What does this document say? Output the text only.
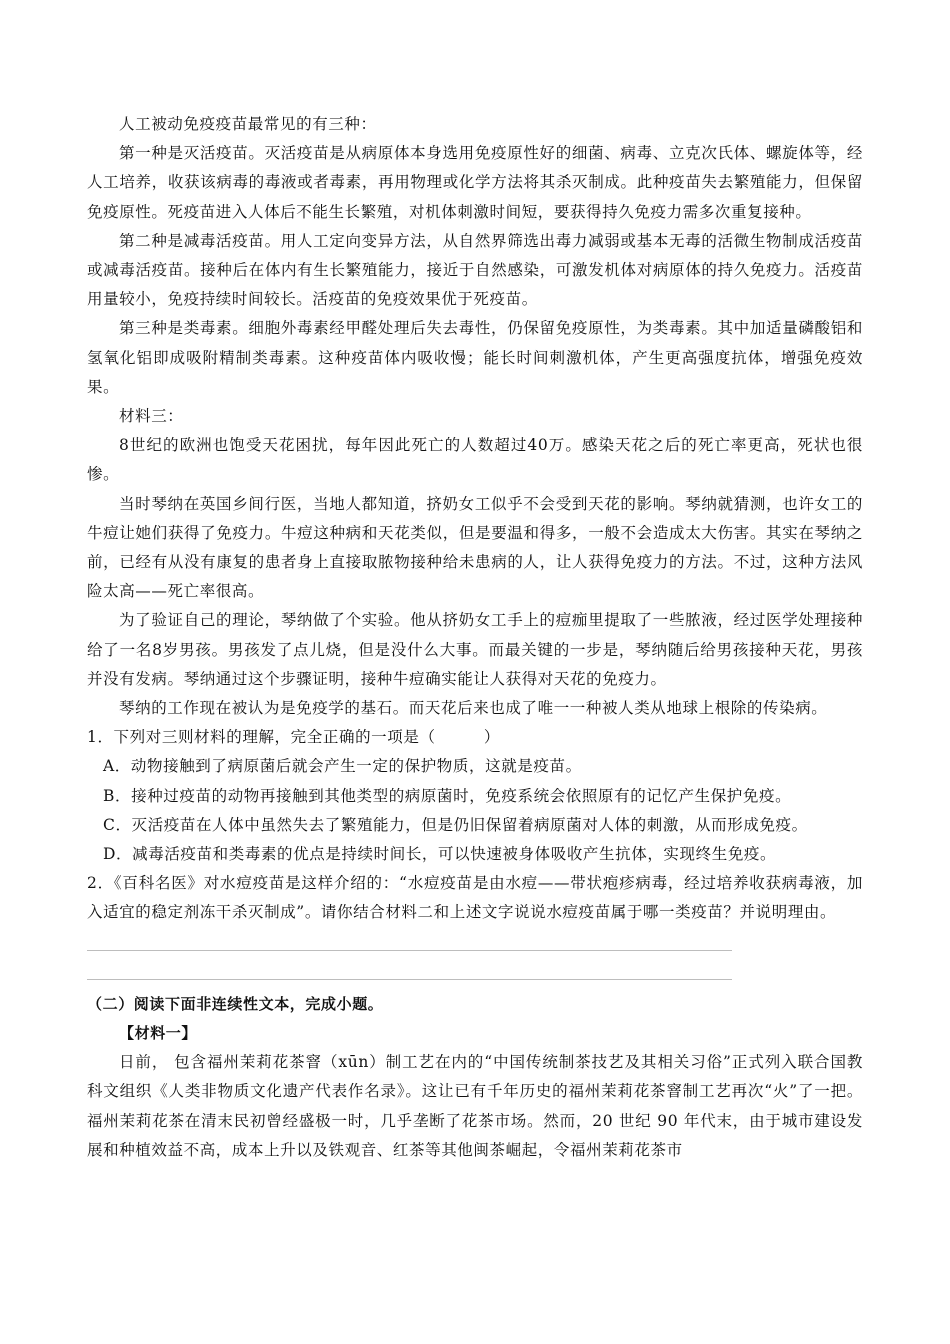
人工被动免疫疫苗最常见的有三种：

第一种是灭活疫苗。灭活疫苗是从病原体本身选用免疫原性好的细菌、病毒、立克次氏体、螺旋体等，经人工培养，收获该病毒的毒液或者毒素，再用物理或化学方法将其杀灭制成。此种疫苗失去繁殖能力，但保留免疫原性。死疫苗进入人体后不能生长繁殖，对机体刺激时间短，要获得持久免疫力需多次重复接种。

第二种是减毒活疫苗。用人工定向变异方法，从自然界筛选出毒力减弱或基本无毒的活微生物制成活疫苗或减毒活疫苗。接种后在体内有生长繁殖能力，接近于自然感染，可激发机体对病原体的持久免疫力。活疫苗用量较小，免疫持续时间较长。活疫苗的免疫效果优于死疫苗。

第三种是类毒素。细胞外毒素经甲醛处理后失去毒性，仍保留免疫原性，为类毒素。其中加适量磷酸铝和氢氧化铝即成吸附精制类毒素。这种疫苗体内吸收慢；能长时间刺激机体，产生更高强度抗体，增强免疫效果。

材料三：

8世纪的欧洲也饱受天花困扰，每年因此死亡的人数超过40万。感染天花之后的死亡率更高，死状也很惨。

当时琴纳在英国乡间行医，当地人都知道，挤奶女工似乎不会受到天花的影响。琴纳就猜测，也许女工的牛痘让她们获得了免疫力。牛痘这种病和天花类似，但是要温和得多，一般不会造成太大伤害。其实在琴纳之前，已经有从没有康复的患者身上直接取脓物接种给未患病的人，让人获得免疫力的方法。不过，这种方法风险太高——死亡率很高。

为了验证自己的理论，琴纳做了个实验。他从挤奶女工手上的痘痂里提取了一些脓液，经过医学处理接种给了一名8岁男孩。男孩发了点儿烧，但是没什么大事。而最关键的一步是，琴纳随后给男孩接种天花，男孩并没有发病。琴纳通过这个步骤证明，接种牛痘确实能让人获得对天花的免疫力。

琴纳的工作现在被认为是免疫学的基石。而天花后来也成了唯一一种被人类从地球上根除的传染病。

1．下列对三则材料的理解，完全正确的一项是（　　　）

A．动物接触到了病原菌后就会产生一定的保护物质，这就是疫苗。

B．接种过疫苗的动物再接触到其他类型的病原菌时，免疫系统会依照原有的记忆产生保护免疫。

C．灭活疫苗在人体中虽然失去了繁殖能力，但是仍旧保留着病原菌对人体的刺激，从而形成免疫。

D．减毒活疫苗和类毒素的优点是持续时间长，可以快速被身体吸收产生抗体，实现终生免疫。

2．《百科名医》对水痘疫苗是这样介绍的：“水痘疫苗是由水痘——带状疱疹病毒，经过培养收获病毒液，加入适宜的稳定剂冻干杀灭制成”。请你结合材料二和上述文字说说水痘疫苗属于哪一类疫苗？并说明理由。

（二）阅读下面非连续性文本，完成小题。

【材料一】

日前， 包含福州茉莉花茶窨（xūn）制工艺在内的“中国传统制茶技艺及其相关习俗”正式列入联合国教科文组织《人类非物质文化遗产代表作名录》。这让已有千年历史的福州茉莉花茶窨制工艺再次“火”了一把。福州茉莉花茶在清末民初曾经盛极一时，几乎垄断了花茶市场。然而，20 世纪 90 年代末，由于城市建设发展和种植效益不高，成本上升以及铁观音、红茶等其他闽茶崛起，令福州茉莉花茶市
